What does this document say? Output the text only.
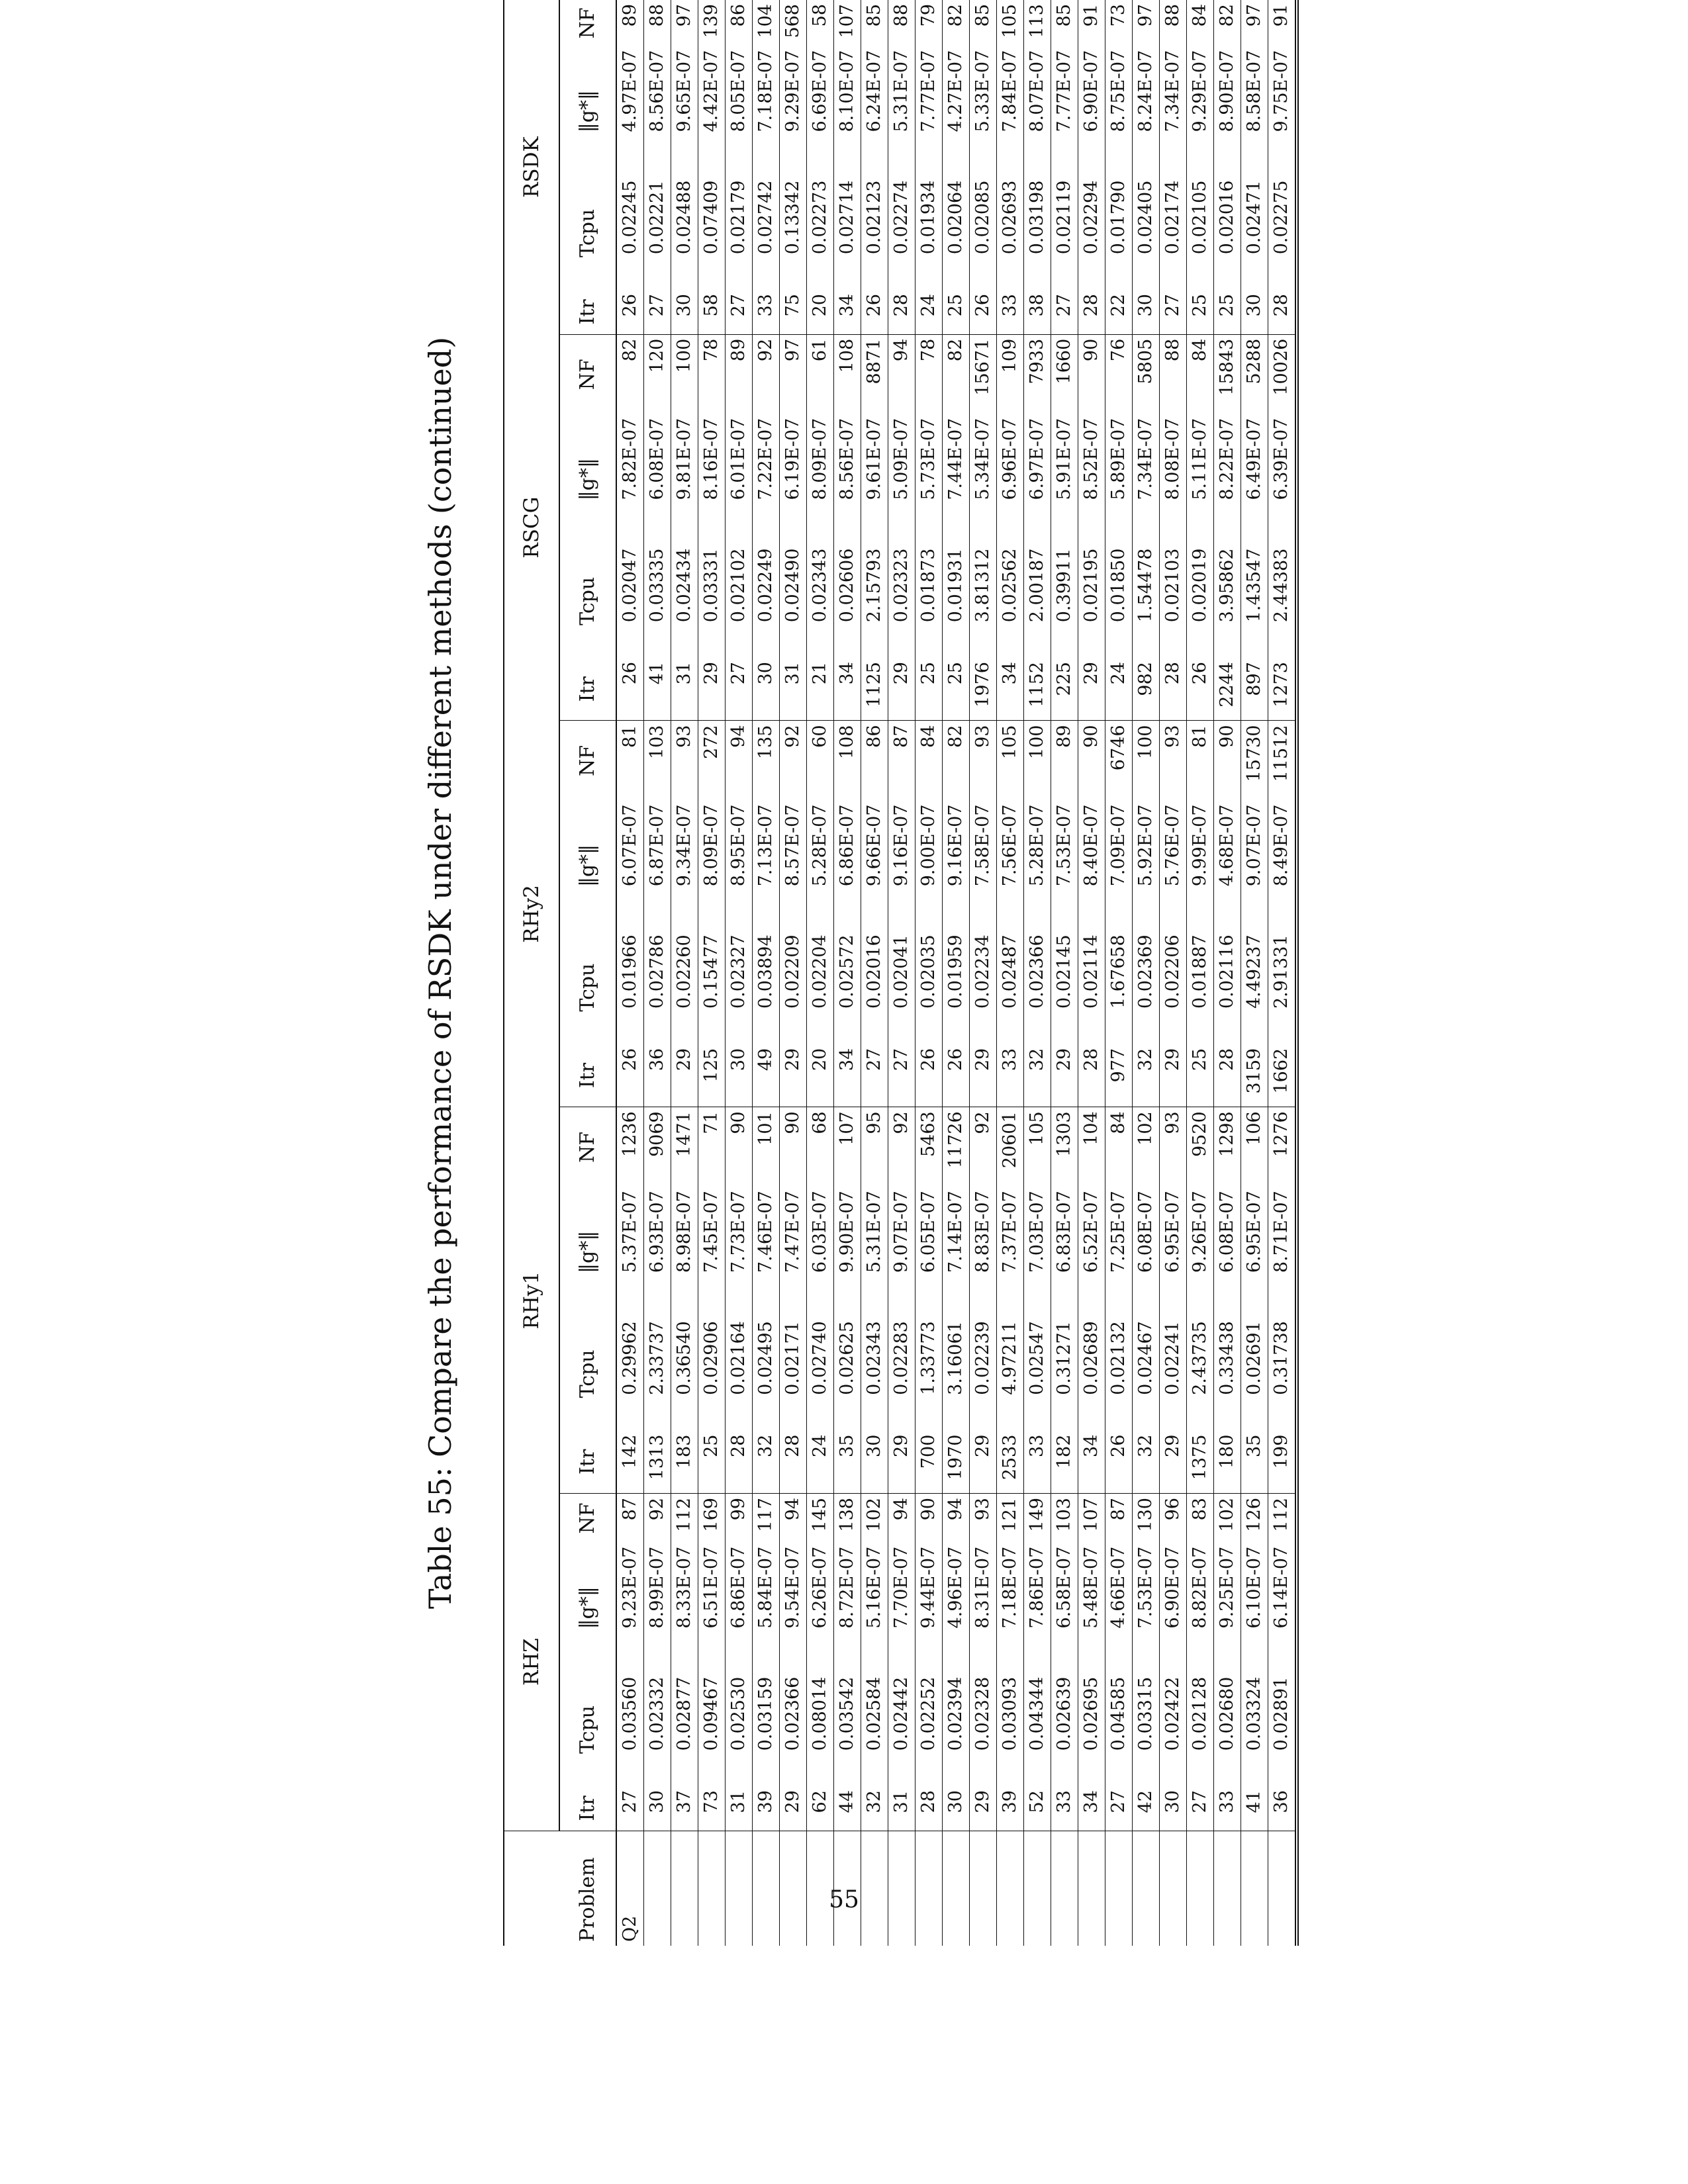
Table 55: Compare the performance of RSDK under different methods (continued)
	RHZ				RHy1				RHy2				RSCG				RSDK			
Problem	Itr	Tcpu	‖g*‖	NF	Itr	Tcpu	‖g*‖	NF	Itr	Tcpu	‖g*‖	NF	Itr	Tcpu	‖g*‖	NF	Itr	Tcpu	‖g*‖	NF
Q2	27	0.03560	9.23E-07	87	142	0.29962	5.37E-07	1236	26	0.01966	6.07E-07	81	26	0.02047	7.82E-07	82	26	0.02245	4.97E-07	89
	30	0.02332	8.99E-07	92	1313	2.33737	6.93E-07	9069	36	0.02786	6.87E-07	103	41	0.03335	6.08E-07	120	27	0.02221	8.56E-07	88
	37	0.02877	8.33E-07	112	183	0.36540	8.98E-07	1471	29	0.02260	9.34E-07	93	31	0.02434	9.81E-07	100	30	0.02488	9.65E-07	97
	73	0.09467	6.51E-07	169	25	0.02906	7.45E-07	71	125	0.15477	8.09E-07	272	29	0.03331	8.16E-07	78	58	0.07409	4.42E-07	139
	31	0.02530	6.86E-07	99	28	0.02164	7.73E-07	90	30	0.02327	8.95E-07	94	27	0.02102	6.01E-07	89	27	0.02179	8.05E-07	86
	39	0.03159	5.84E-07	117	32	0.02495	7.46E-07	101	49	0.03894	7.13E-07	135	30	0.02249	7.22E-07	92	33	0.02742	7.18E-07	104
	29	0.02366	9.54E-07	94	28	0.02171	7.47E-07	90	29	0.02209	8.57E-07	92	31	0.02490	6.19E-07	97	75	0.13342	9.29E-07	568
	62	0.08014	6.26E-07	145	24	0.02740	6.03E-07	68	20	0.02204	5.28E-07	60	21	0.02343	8.09E-07	61	20	0.02273	6.69E-07	58
	44	0.03542	8.72E-07	138	35	0.02625	9.90E-07	107	34	0.02572	6.86E-07	108	34	0.02606	8.56E-07	108	34	0.02714	8.10E-07	107
	32	0.02584	5.16E-07	102	30	0.02343	5.31E-07	95	27	0.02016	9.66E-07	86	1125	2.15793	9.61E-07	8871	26	0.02123	6.24E-07	85
	31	0.02442	7.70E-07	94	29	0.02283	9.07E-07	92	27	0.02041	9.16E-07	87	29	0.02323	5.09E-07	94	28	0.02274	5.31E-07	88
	28	0.02252	9.44E-07	90	700	1.33773	6.05E-07	5463	26	0.02035	9.00E-07	84	25	0.01873	5.73E-07	78	24	0.01934	7.77E-07	79
	30	0.02394	4.96E-07	94	1970	3.16061	7.14E-07	11726	26	0.01959	9.16E-07	82	25	0.01931	7.44E-07	82	25	0.02064	4.27E-07	82
	29	0.02328	8.31E-07	93	29	0.02239	8.83E-07	92	29	0.02234	7.58E-07	93	1976	3.81312	5.34E-07	15671	26	0.02085	5.33E-07	85
	39	0.03093	7.18E-07	121	2533	4.97211	7.37E-07	20601	33	0.02487	7.56E-07	105	34	0.02562	6.96E-07	109	33	0.02693	7.84E-07	105
	52	0.04344	7.86E-07	149	33	0.02547	7.03E-07	105	32	0.02366	5.28E-07	100	1152	2.00187	6.97E-07	7933	38	0.03198	8.07E-07	113
	33	0.02639	6.58E-07	103	182	0.31271	6.83E-07	1303	29	0.02145	7.53E-07	89	225	0.39911	5.91E-07	1660	27	0.02119	7.77E-07	85
	34	0.02695	5.48E-07	107	34	0.02689	6.52E-07	104	28	0.02114	8.40E-07	90	29	0.02195	8.52E-07	90	28	0.02294	6.90E-07	91
	27	0.04585	4.66E-07	87	26	0.02132	7.25E-07	84	977	1.67658	7.09E-07	6746	24	0.01850	5.89E-07	76	22	0.01790	8.75E-07	73
	42	0.03315	7.53E-07	130	32	0.02467	6.08E-07	102	32	0.02369	5.92E-07	100	982	1.54478	7.34E-07	5805	30	0.02405	8.24E-07	97
	30	0.02422	6.90E-07	96	29	0.02241	6.95E-07	93	29	0.02206	5.76E-07	93	28	0.02103	8.08E-07	88	27	0.02174	7.34E-07	88
	27	0.02128	8.82E-07	83	1375	2.43735	9.26E-07	9520	25	0.01887	9.99E-07	81	26	0.02019	5.11E-07	84	25	0.02105	9.29E-07	84
	33	0.02680	9.25E-07	102	180	0.33438	6.08E-07	1298	28	0.02116	4.68E-07	90	2244	3.95862	8.22E-07	15843	25	0.02016	8.90E-07	82
	41	0.03324	6.10E-07	126	35	0.02691	6.95E-07	106	3159	4.49237	9.07E-07	15730	897	1.43547	6.49E-07	5288	30	0.02471	8.58E-07	97
	36	0.02891	6.14E-07	112	199	0.31738	8.71E-07	1276	1662	2.91331	8.49E-07	11512	1273	2.44383	6.39E-07	10026	28	0.02275	9.75E-07	91
55
